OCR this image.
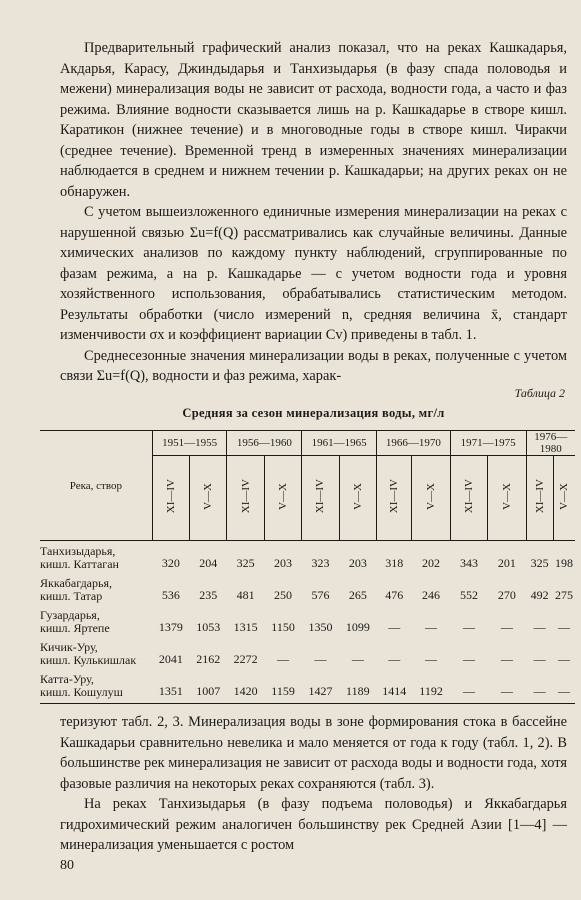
Предварительный графический анализ показал, что на реках Кашкадарья, Акдарья, Карасу, Джиндыдарья и Танхизыдарья (в фазу спада половодья и межени) минерализация воды не зависит от расхода, водности года, а часто и фаз режима. Влияние водности сказывается лишь на р. Кашкадарье в створе кишл. Каратикон (нижнее течение) и в многоводные годы в створе кишл. Чиракчи (среднее течение). Временной тренд в измеренных значениях минерализации наблюдается в среднем и нижнем течении р. Кашкадарьи; на других реках он не обнаружен.

С учетом вышеизложенного единичные измерения минерализации на реках с нарушенной связью Σu=f(Q) рассматривались как случайные величины. Данные химических анализов по каждому пункту наблюдений, сгруппированные по фазам режима, а на р. Кашкадарье — с учетом водности года и уровня хозяйственного использования, обрабатывались статистическим методом. Результаты обработки (число измерений n, средняя величина x̄, стандарт изменчивости σx и коэффициент вариации Cv) приведены в табл. 1.

Среднесезонные значения минерализации воды в реках, полученные с учетом связи Σu=f(Q), водности и фаз режима, харак-

Таблица 2
Средняя за сезон минерализация воды, мг/л
Река, створ	1951—1955		1956—1960		1961—1965		1966—1970		1971—1975		1976—1980	
	XI—IV	V—X	XI—IV	V—X	XI—IV	V—X	XI—IV	V—X	XI—IV	V—X	XI—IV	V—X

Танхизыдарья,
кишл. Каттаган	320	204	325	203	323	203	318	202	343	201	325	198

Яккабагдарья,
кишл. Татар	536	235	481	250	576	265	476	246	552	270	492	275

Гузардарья,
кишл. Яртепе	1379	1053	1315	1150	1350	1099	—	—	—	—	—	—

Кичик-Уру,
кишл. Кулькишлак	2041	2162	2272	—	—	—	—	—	—	—	—	—

Катта-Уру,
кишл. Кошулуш	1351	1007	1420	1159	1427	1189	1414	1192	—	—	—	—

теризуют табл. 2, 3. Минерализация воды в зоне формирования стока в бассейне Кашкадарьи сравнительно невелика и мало меняется от года к году (табл. 1, 2). В большинстве рек минерализация не зависит от расхода воды и водности года, хотя фазовые различия на некоторых реках сохраняются (табл. 3).

На реках Танхизыдарья (в фазу подъема половодья) и Яккабагдарья гидрохимический режим аналогичен большинству рек Средней Азии [1—4] — минерализация уменьшается с ростом

80
